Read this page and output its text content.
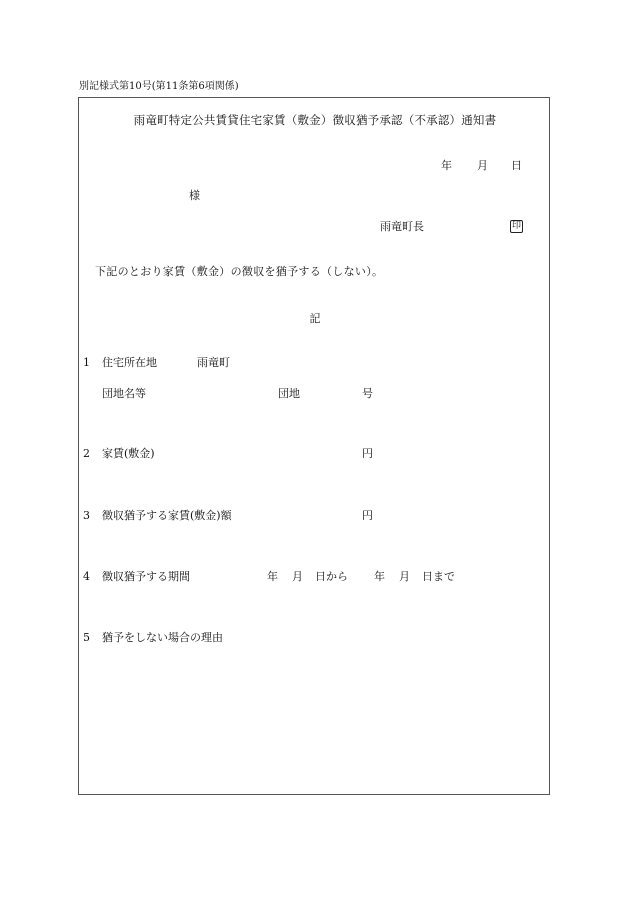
別記様式第10号(第11条第6項関係)
雨竜町特定公共賃貸住宅家賃（敷金）徴収猶予承認（不承認）通知書
年 月 日
様
雨竜町長	印
下記のとおり家賃（敷金）の徴収を猶予する（しない）。
記
1 住宅所在地	雨竜町
団地名等	団地	号
2 家賃(敷金)	円
3 徴収猶予する家賃(敷金)額	円
4 徴収猶予する期間	年 月 日から 年 月 日まで
5 猶予をしない場合の理由
